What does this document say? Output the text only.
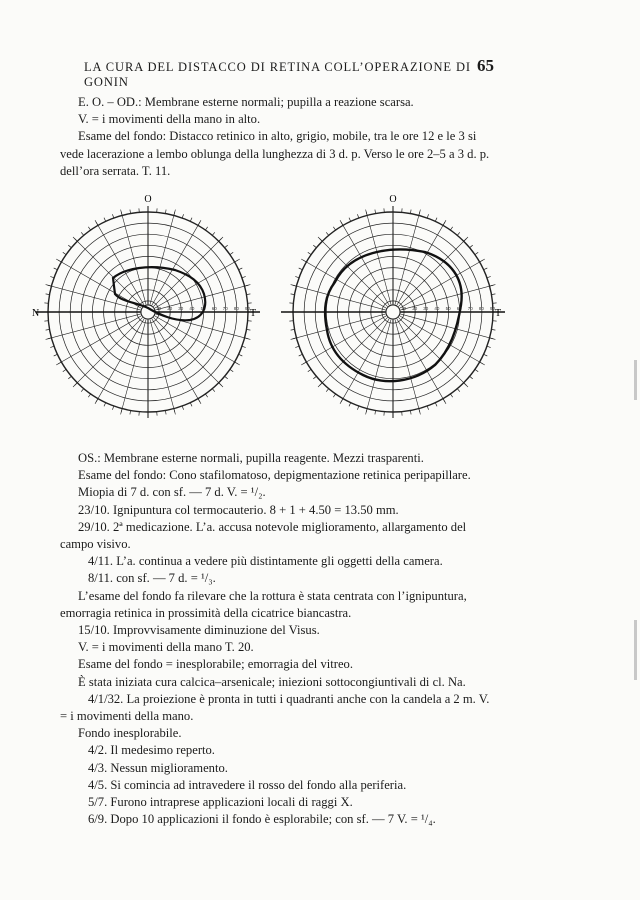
LA CURA DEL DISTACCO DI RETINA COLL’OPERAZIONE DI GONIN
65

E. O. – OD.: Membrane esterne normali; pupilla a reazione scarsa.

V. = i movimenti della mano in alto.

Esame del fondo: Distacco retinico in alto, grigio, mobile, tra le ore 12 e le 3 si vede lacerazione a lembo oblunga della lunghezza di 3 d. p. Verso le ore 2–5 a 3 d. p. dell’ora serrata. T. 11.

10 20 30 40 50 60 70 80 90
O
N	T	10 20 30 40 50 60 70 80 90
O
T

OS.: Membrane esterne normali, pupilla reagente. Mezzi trasparenti.

Esame del fondo: Cono stafilomatoso, depigmentazione retinica peripapillare.

Miopia di 7 d. con sf. — 7 d. V. = ¹/₂.

23/10. Ignipuntura col termocauterio. 8 + 1 + 4.50 = 13.50 mm.

29/10. 2ª medicazione. L’a. accusa notevole miglioramento, allargamento del campo visivo.

4/11. L’a. continua a vedere più distintamente gli oggetti della camera.

8/11. con sf. — 7 d. = ¹/₃.

L’esame del fondo fa rilevare che la rottura è stata centrata con l’ignipuntura, emorragia retinica in prossimità della cicatrice biancastra.

15/10. Improvvisamente diminuzione del Visus.

V. = i movimenti della mano T. 20.

Esame del fondo = inesplorabile; emorragia del vitreo.

È stata iniziata cura calcica–arsenicale; iniezioni sottocongiuntivali di cl. Na.

4/1/32. La proiezione è pronta in tutti i quadranti anche con la candela a 2 m. V. = i movimenti della mano.

Fondo inesplorabile.

4/2. Il medesimo reperto.

4/3. Nessun miglioramento.

4/5. Si comincia ad intravedere il rosso del fondo alla periferia.

5/7. Furono intraprese applicazioni locali di raggi X.

6/9. Dopo 10 applicazioni il fondo è esplorabile; con sf. — 7 V. = ¹/₄.
